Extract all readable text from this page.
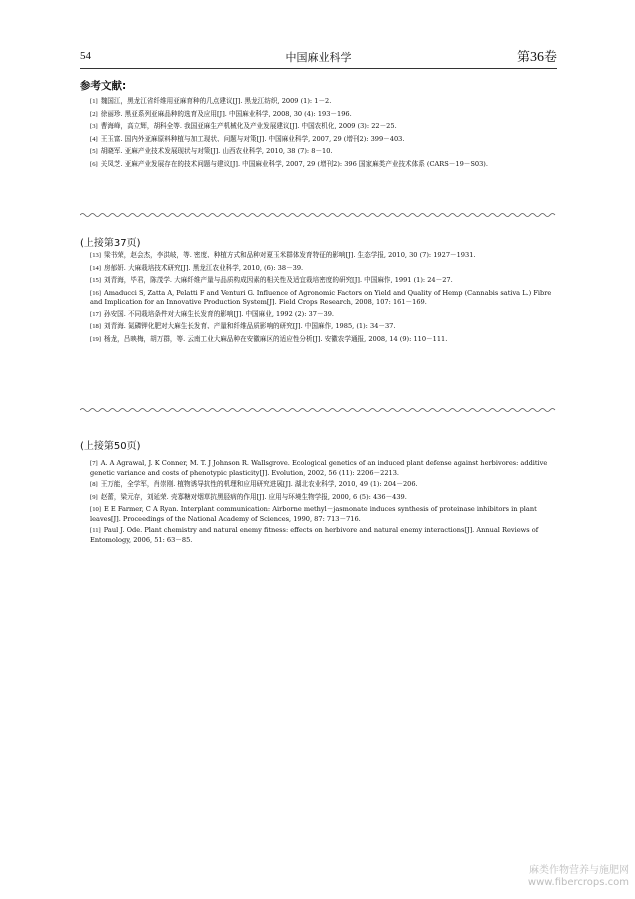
54	中国麻业科学	第36卷
参考文献:
[1] 魏国江，黑龙江省纤维用亚麻育种的几点建议[J]. 黑龙江纺织, 2009 (1): 1－2.
[2] 徐丽珍. 黑亚系列亚麻品种的选育及应用[J]. 中国麻业科学, 2008, 30 (4): 193－196.
[3] 曹海峰，高立辉，胡科全等. 我国亚麻生产机械化及产业发展建议[J]. 中国农机化, 2009 (3): 22－25.
[4] 王玉富. 国内外亚麻原料种植与加工现状、问题与对策[J]. 中国麻业科学, 2007, 29 (增刊2): 399－403.
[5] 胡晓军. 亚麻产业技术发展现状与对策[J]. 山西农业科学, 2010, 38 (7): 8－10.
[6] 关凤芝. 亚麻产业发展存在的技术问题与建议[J]. 中国麻业科学, 2007, 29 (增刊2): 396 国家麻类产业技术体系 (CARS－19－S03).
(上接第37页)
[13] 梁书荣，赵会杰，李洪岐，等. 密度、种植方式和品种对夏玉米群体发育特征的影响[J]. 生态学报, 2010, 30 (7): 1927－1931.
[14] 房郁妍. 大麻栽培技术研究[J]. 黑龙江农业科学, 2010, (6): 38－39.
[15] 刘青海，毕君，陈茂学. 大麻纤维产量与品质构成因素的相关性及适宜栽培密度的研究[J]. 中国麻作, 1991 (1): 24－27.
[16] Amaducci S, Zatta A, Pelatti F and Venturi G. Influence of Agronomic Factors on Yield and Quality of Hemp (Cannabis sativa L.) Fibre and Implication for an Innovative Production System[J]. Field Crops Research, 2008, 107: 161－169.
[17] 孙安国. 不同栽培条件对大麻生长发育的影响[J]. 中国麻业, 1992 (2): 37－39.
[18] 刘青海. 氮磷钾化肥对大麻生长发育、产量和纤维品质影响的研究[J]. 中国麻作, 1985, (1): 34－37.
[19] 杨龙，吕映梅，胡万群，等. 云南工业大麻品种在安徽麻区的适应性分析[J]. 安徽农学通报, 2008, 14 (9): 110－111.
(上接第50页)
[7] A. A Agrawal, J. K Conner, M. T. J Johnson R. Wallsgrove. Ecological genetics of an induced plant defense against herbivores: additive genetic variance and costs of phenotypic plasticity[J]. Evolution, 2002, 56 (11): 2206－2213.
[8] 王万能，全学军，肖崇刚. 植物诱导抗性的机理和应用研究进展[J]. 湖北农业科学, 2010, 49 (1): 204－206.
[9] 赵蕾，梁元存，刘延荣. 壳寡糖对烟草抗黑胫病的作用[J]. 应用与环境生物学报, 2000, 6 (5): 436－439.
[10] E E Farmer, C A Ryan. Interplant communication: Airborne methyl－jasmonate induces synthesis of proteinase inhibitors in plant leaves[J]. Proceedings of the National Academy of Sciences, 1990, 87: 713－716.
[11] Paul J. Ode. Plant chemistry and natural enemy fitness: effects on herbivore and natural enemy interactions[J]. Annual Reviews of Entomology, 2006, 51: 63－85.
麻类作物营养与施肥网
www.fibercrops.com
